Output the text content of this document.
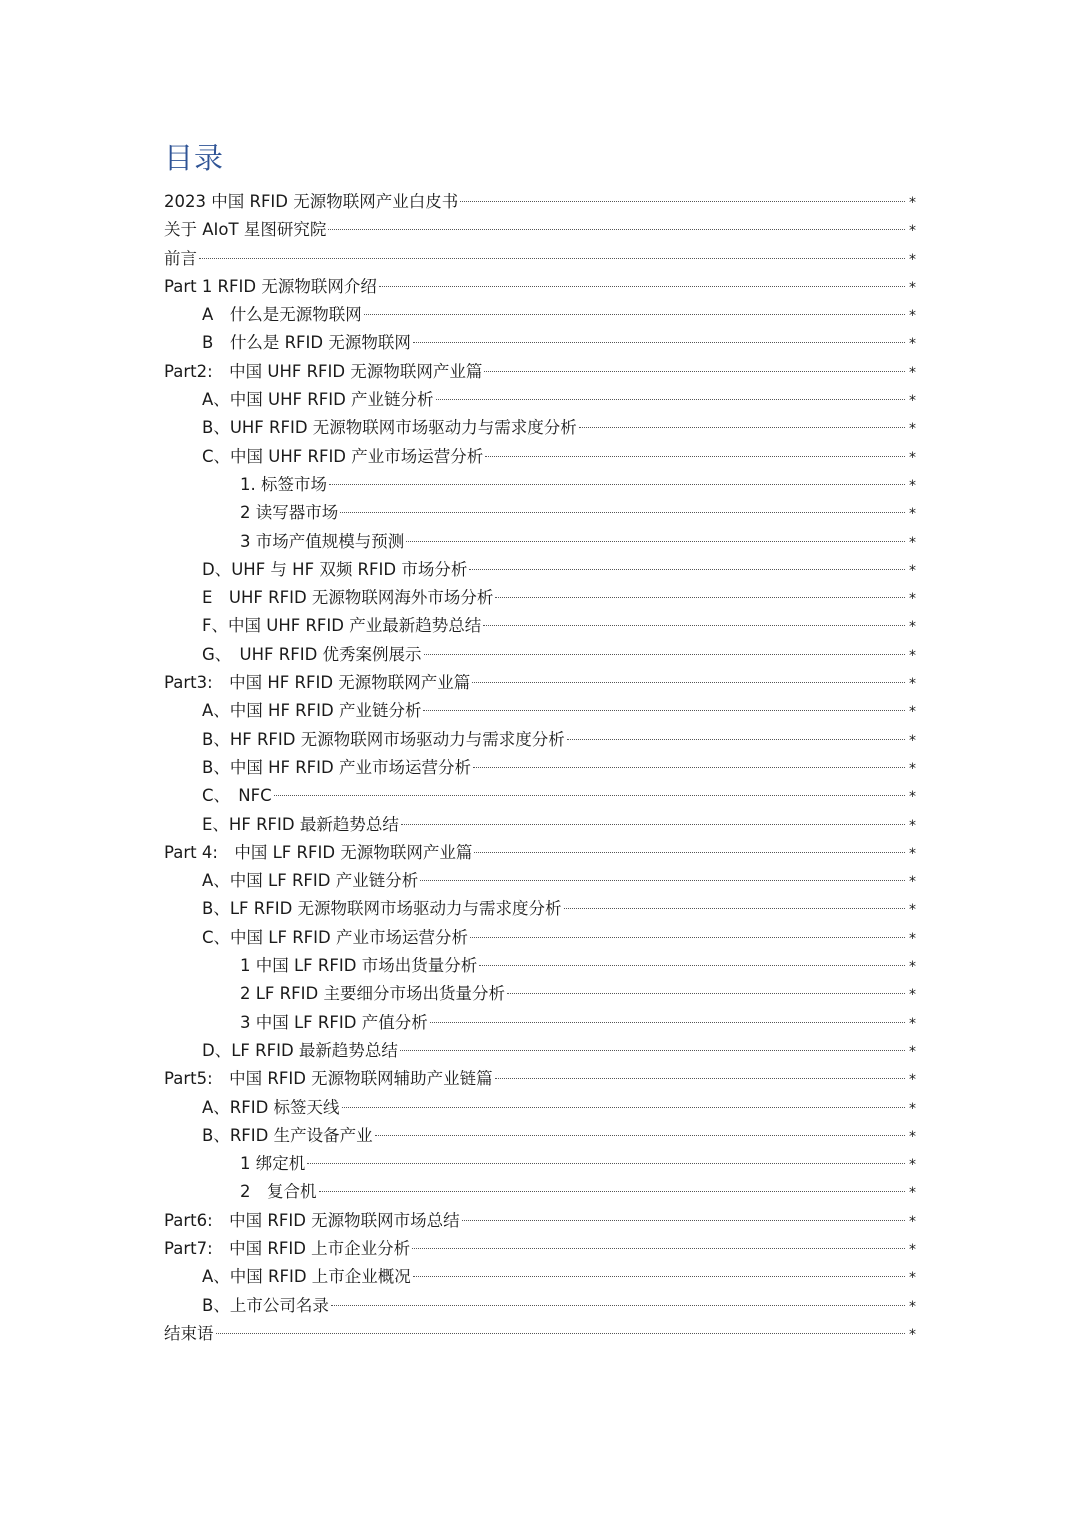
目录
2023 中国 RFID 无源物联网产业白皮书	*
关于 AIoT 星图研究院	*
前言	*
Part 1 RFID 无源物联网介绍	*
A　什么是无源物联网	*
B　什么是 RFID 无源物联网	*
Part2:　中国 UHF RFID 无源物联网产业篇	*
A、中国 UHF RFID 产业链分析	*
B、UHF RFID 无源物联网市场驱动力与需求度分析	*
C、中国 UHF RFID 产业市场运营分析	*
1. 标签市场	*
2 读写器市场	*
3 市场产值规模与预测	*
D、UHF 与 HF 双频 RFID 市场分析	*
E　UHF RFID 无源物联网海外市场分析	*
F、中国 UHF RFID 产业最新趋势总结	*
G、　UHF RFID 优秀案例展示	*
Part3:　中国 HF RFID 无源物联网产业篇	*
A、中国 HF RFID 产业链分析	*
B、HF RFID 无源物联网市场驱动力与需求度分析	*
B、中国 HF RFID 产业市场运营分析	*
C、　NFC	*
E、HF RFID 最新趋势总结	*
Part 4:　中国 LF RFID 无源物联网产业篇	*
A、中国 LF RFID 产业链分析	*
B、LF RFID 无源物联网市场驱动力与需求度分析	*
C、中国 LF RFID 产业市场运营分析	*
1 中国 LF RFID 市场出货量分析	*
2 LF RFID 主要细分市场出货量分析	*
3 中国 LF RFID 产值分析	*
D、LF RFID 最新趋势总结	*
Part5:　中国 RFID 无源物联网辅助产业链篇	*
A、RFID 标签天线	*
B、RFID 生产设备产业	*
1 绑定机	*
2　复合机	*
Part6:　中国 RFID 无源物联网市场总结	*
Part7:　中国 RFID 上市企业分析	*
A、中国 RFID 上市企业概况	*
B、上市公司名录	*
结束语	*
